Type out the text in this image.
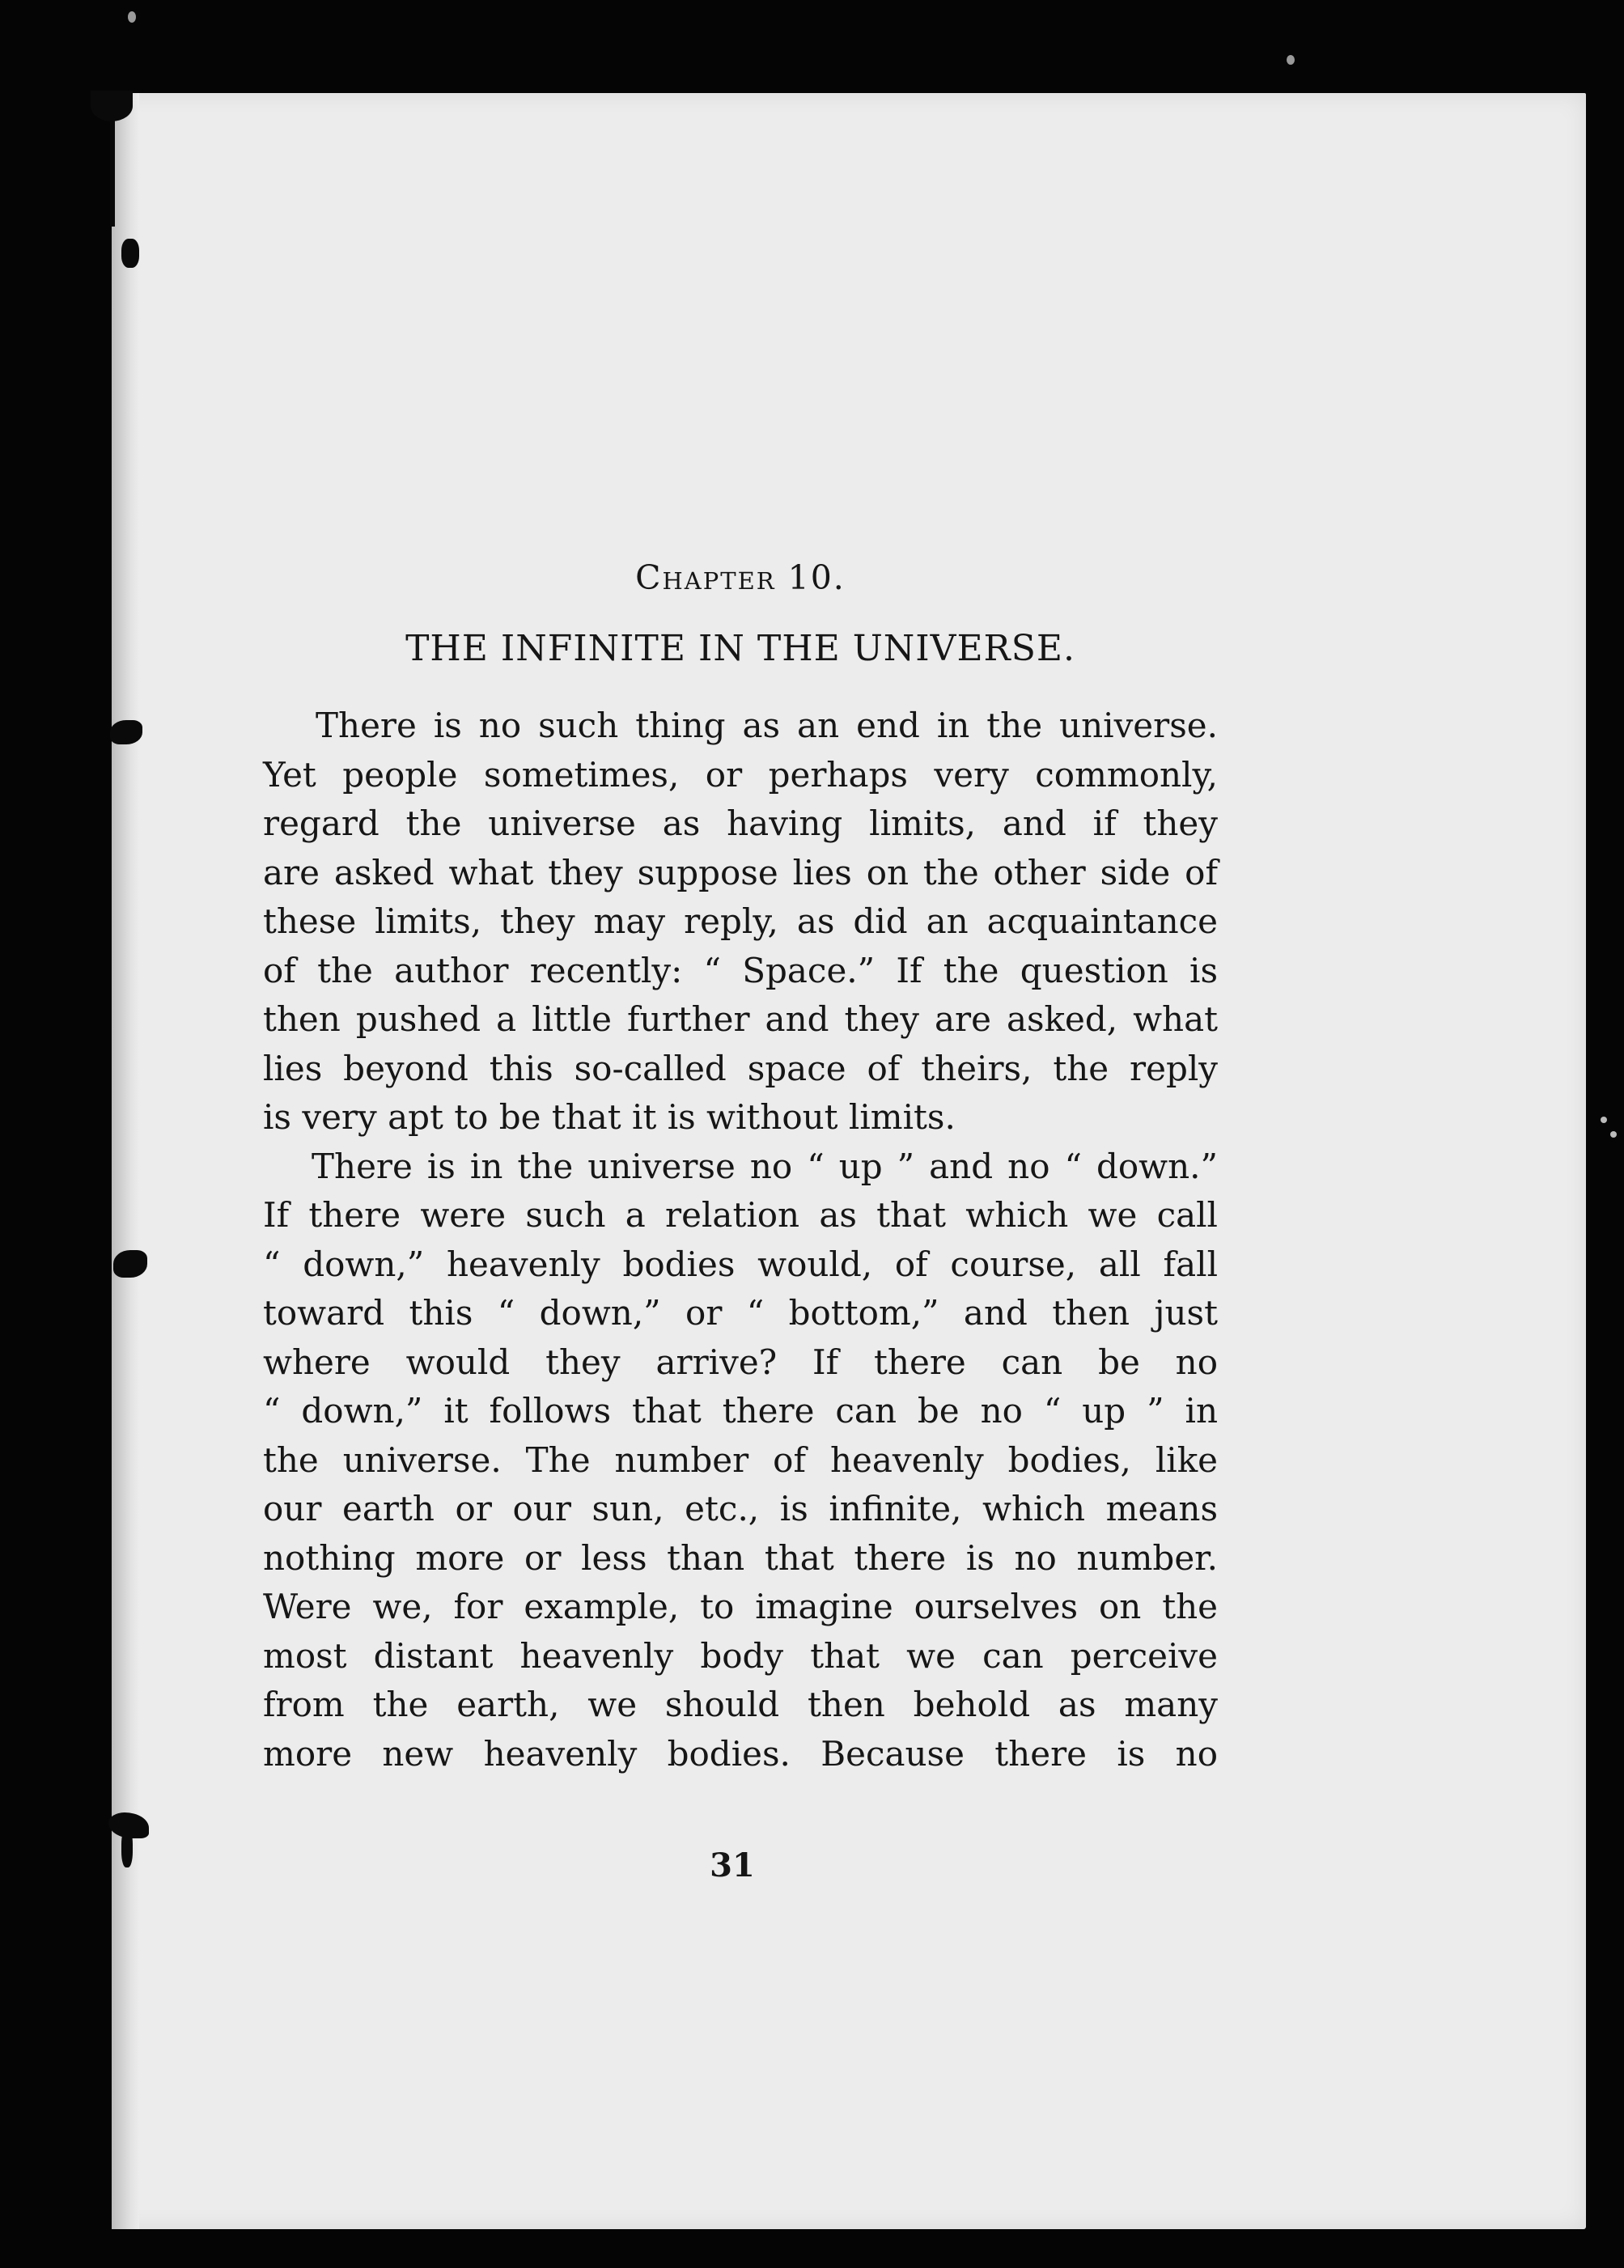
Chapter 10.
THE INFINITE IN THE UNIVERSE.

There is no such thing as an end in the universe.
Yet people sometimes, or perhaps very commonly,
regard the universe as having limits, and if they
are asked what they suppose lies on the other side of
these limits, they may reply, as did an acquaintance
of the author recently: “ Space.” If the question is
then pushed a little further and they are asked, what
lies beyond this so-called space of theirs, the reply
is very apt to be that it is without limits.

There is in the universe no “ up ” and no “ down.”
If there were such a relation as that which we call
“ down,” heavenly bodies would, of course, all fall
toward this “ down,” or “ bottom,” and then just
where would they arrive? If there can be no
“ down,” it follows that there can be no “ up ” in
the universe. The number of heavenly bodies, like
our earth or our sun, etc., is infinite, which means
nothing more or less than that there is no number.
Were we, for example, to imagine ourselves on the
most distant heavenly body that we can perceive
from the earth, we should then behold as many
more new heavenly bodies. Because there is no

31
